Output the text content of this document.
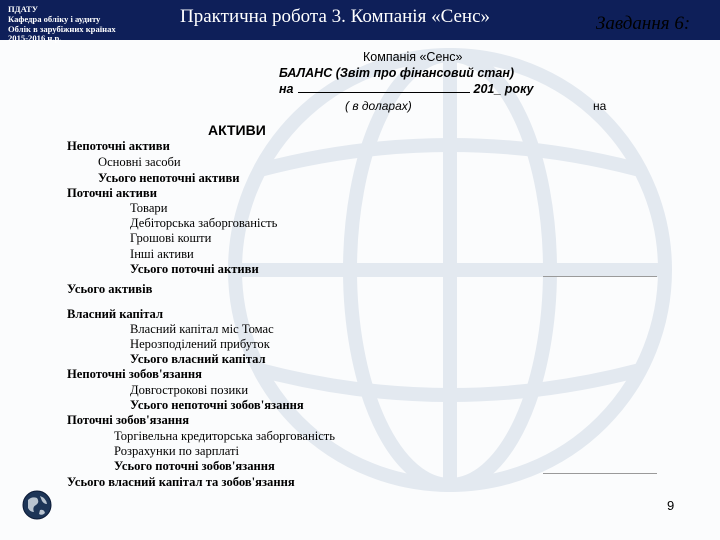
ПДАТУ
Кафедра обліку і аудиту
Облік в зарубіжних країнах
2015-2016 н.р.
Практична робота 3. Компанія «Сенс»	Завдання 6:
Компанія «Сенс»
БАЛАНС (Звіт про фінансовий стан)
на	201_ року
( в доларах)	на
АКТИВИ
Непоточні активи
Основні засоби
Усього непоточні активи
Поточні активи
Товари
Дебіторська заборгованість
Грошові кошти
Інші активи
Усього поточні активи
Усього активів
Власний капітал
Власний капітал міс Томас
Нерозподілений прибуток
Усього власний капітал
Непоточні зобов'язання
Довгострокові позики
Усього непоточні зобов'язання
Поточні зобов'язання
Торгівельна кредиторська заборгованість
Розрахунки по зарплаті
Усього поточні зобов'язання
Усього власний капітал та зобов'язання
9
